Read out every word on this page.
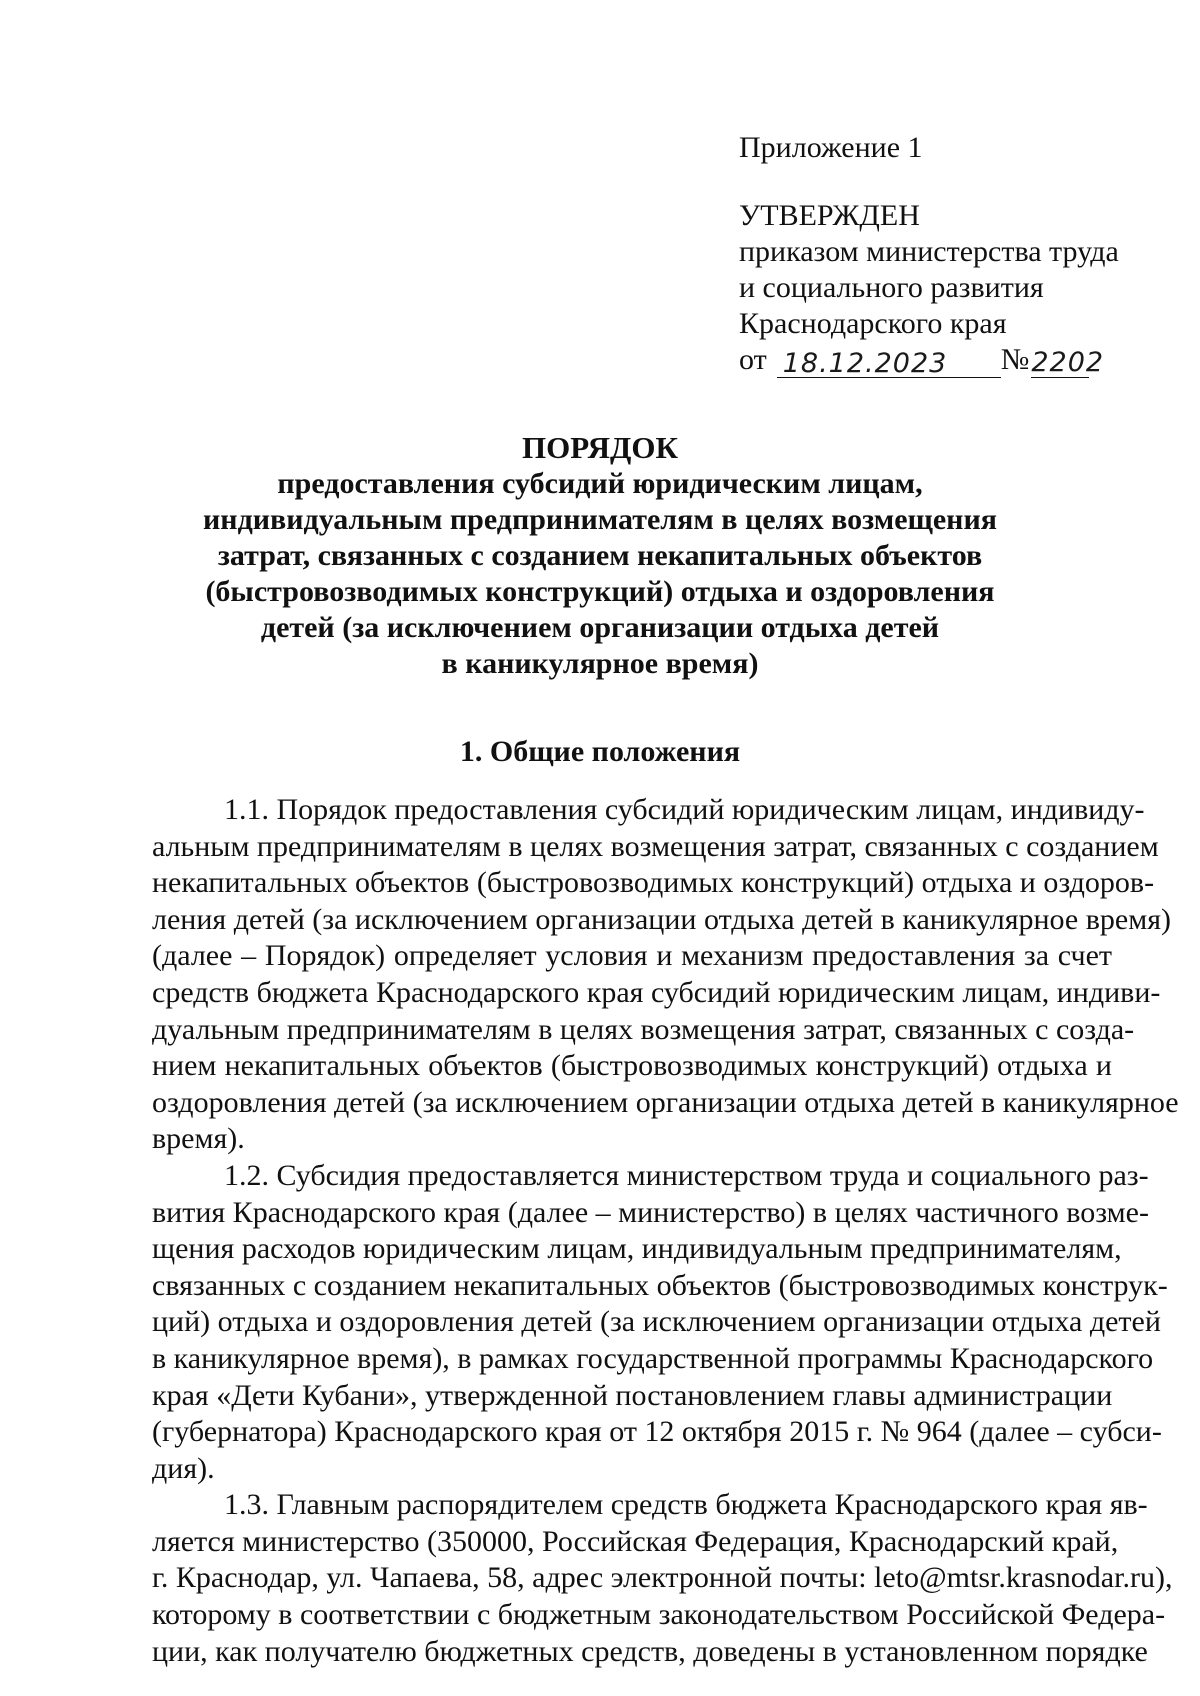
Приложение 1
УТВЕРЖДЕН
приказом министерства труда
и социального развития
Краснодарского края
от 18.12.2023	№ 2202
ПОРЯДОК
предоставления субсидий юридическим лицам,
индивидуальным предпринимателям в целях возмещения
затрат, связанных с созданием некапитальных объектов
(быстровозводимых конструкций) отдыха и оздоровления
детей (за исключением организации отдыха детей
в каникулярное время)
1. Общие положения
1.1. Порядок предоставления субсидий юридическим лицам, индивиду-
альным предпринимателям в целях возмещения затрат, связанных с созданием
некапитальных объектов (быстровозводимых конструкций) отдыха и оздоров-
ления детей (за исключением организации отдыха детей в каникулярное время)
(далее – Порядок) определяет условия и механизм предоставления за счет
средств бюджета Краснодарского края субсидий юридическим лицам, индиви-
дуальным предпринимателям в целях возмещения затрат, связанных с созда-
нием некапитальных объектов (быстровозводимых конструкций) отдыха и
оздоровления детей (за исключением организации отдыха детей в каникулярное
время).
1.2. Субсидия предоставляется министерством труда и социального раз-
вития Краснодарского края (далее – министерство) в целях частичного возме-
щения расходов юридическим лицам, индивидуальным предпринимателям,
связанных с созданием некапитальных объектов (быстровозводимых конструк-
ций) отдыха и оздоровления детей (за исключением организации отдыха детей
в каникулярное время), в рамках государственной программы Краснодарского
края «Дети Кубани», утвержденной постановлением главы администрации
(губернатора) Краснодарского края от 12 октября 2015 г. № 964 (далее – субси-
дия).
1.3. Главным распорядителем средств бюджета Краснодарского края яв-
ляется министерство (350000, Российская Федерация, Краснодарский край,
г. Краснодар, ул. Чапаева, 58, адрес электронной почты: leto@mtsr.krasnodar.ru),
которому в соответствии с бюджетным законодательством Российской Федера-
ции, как получателю бюджетных средств, доведены в установленном порядке
